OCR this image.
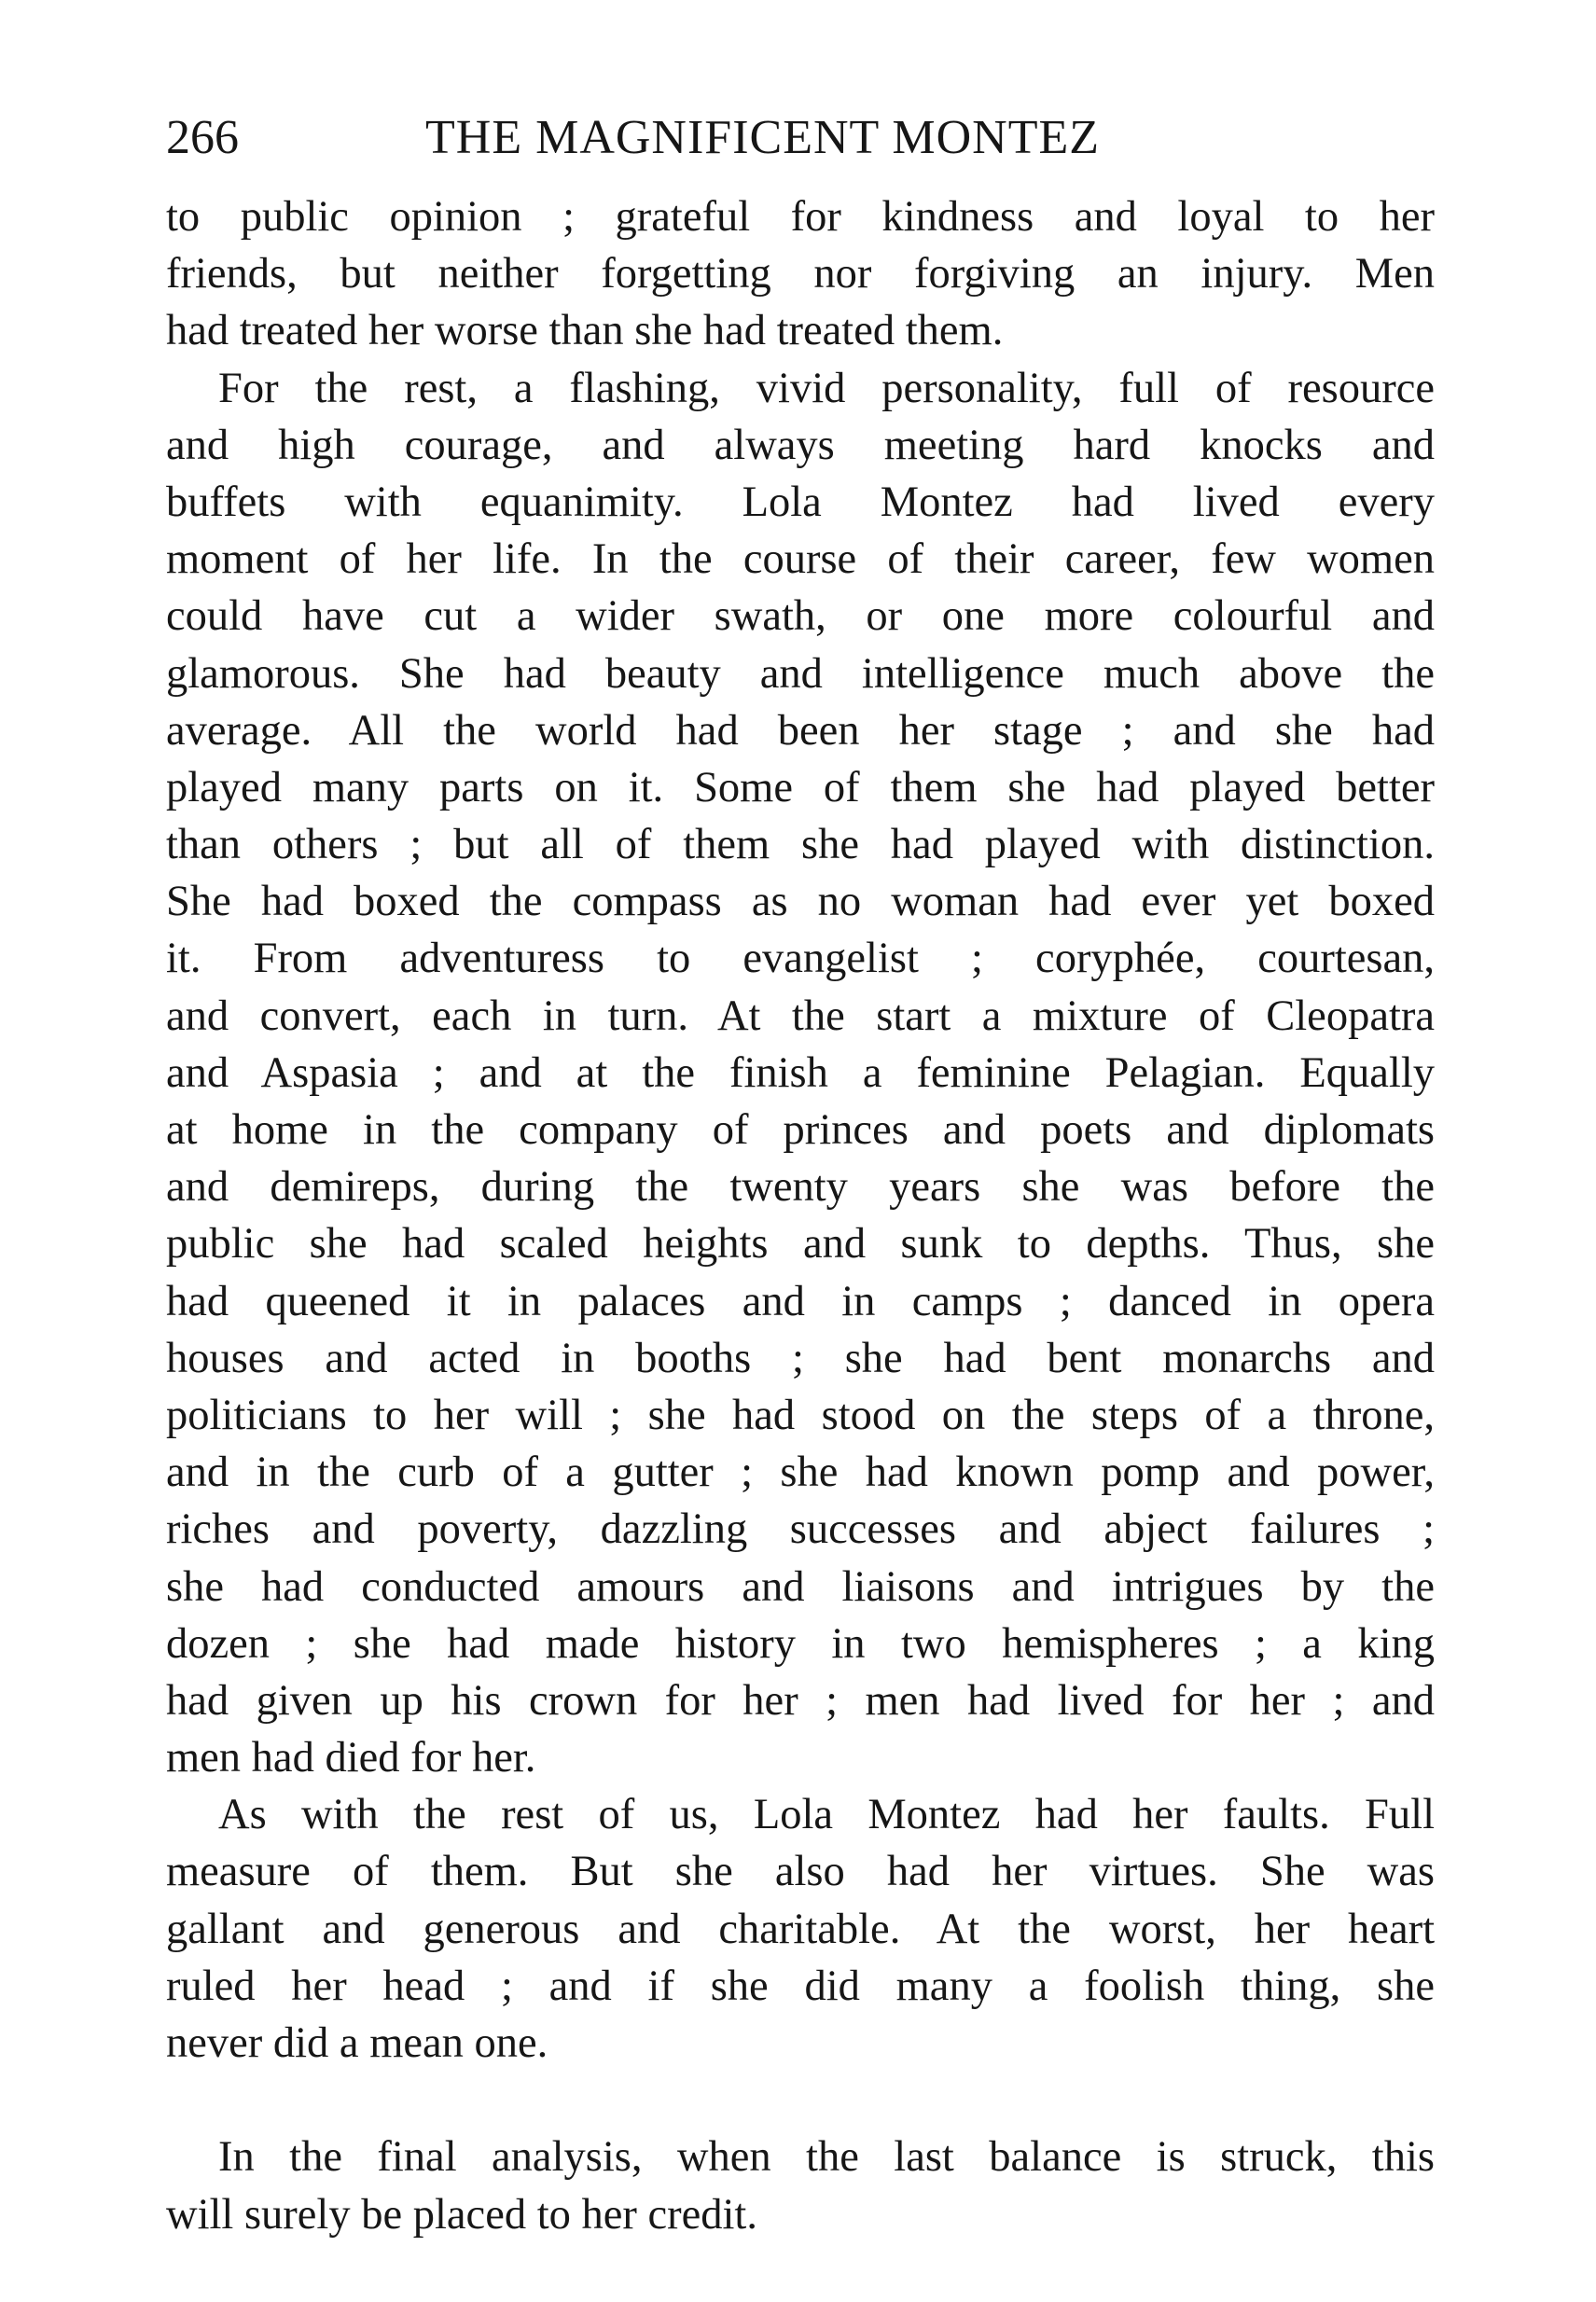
266	THE MAGNIFICENT MONTEZ
to public opinion ; grateful for kindness and loyal to her
friends, but neither forgetting nor forgiving an injury. Men
had treated her worse than she had treated them.
For the rest, a flashing, vivid personality, full of resource
and high courage, and always meeting hard knocks and
buffets with equanimity. Lola Montez had lived every
moment of her life. In the course of their career, few women
could have cut a wider swath, or one more colourful and
glamorous. She had beauty and intelligence much above the
average. All the world had been her stage ; and she had
played many parts on it. Some of them she had played better
than others ; but all of them she had played with distinction.
She had boxed the compass as no woman had ever yet boxed
it. From adventuress to evangelist ; coryphée, courtesan,
and convert, each in turn. At the start a mixture of Cleopatra
and Aspasia ; and at the finish a feminine Pelagian. Equally
at home in the company of princes and poets and diplomats
and demireps, during the twenty years she was before the
public she had scaled heights and sunk to depths. Thus, she
had queened it in palaces and in camps ; danced in opera
houses and acted in booths ; she had bent monarchs and
politicians to her will ; she had stood on the steps of a throne,
and in the curb of a gutter ; she had known pomp and power,
riches and poverty, dazzling successes and abject failures ;
she had conducted amours and liaisons and intrigues by the
dozen ; she had made history in two hemispheres ; a king
had given up his crown for her ; men had lived for her ; and
men had died for her.
As with the rest of us, Lola Montez had her faults. Full
measure of them. But she also had her virtues. She was
gallant and generous and charitable. At the worst, her heart
ruled her head ; and if she did many a foolish thing, she
never did a mean one.
In the final analysis, when the last balance is struck, this
will surely be placed to her credit.
